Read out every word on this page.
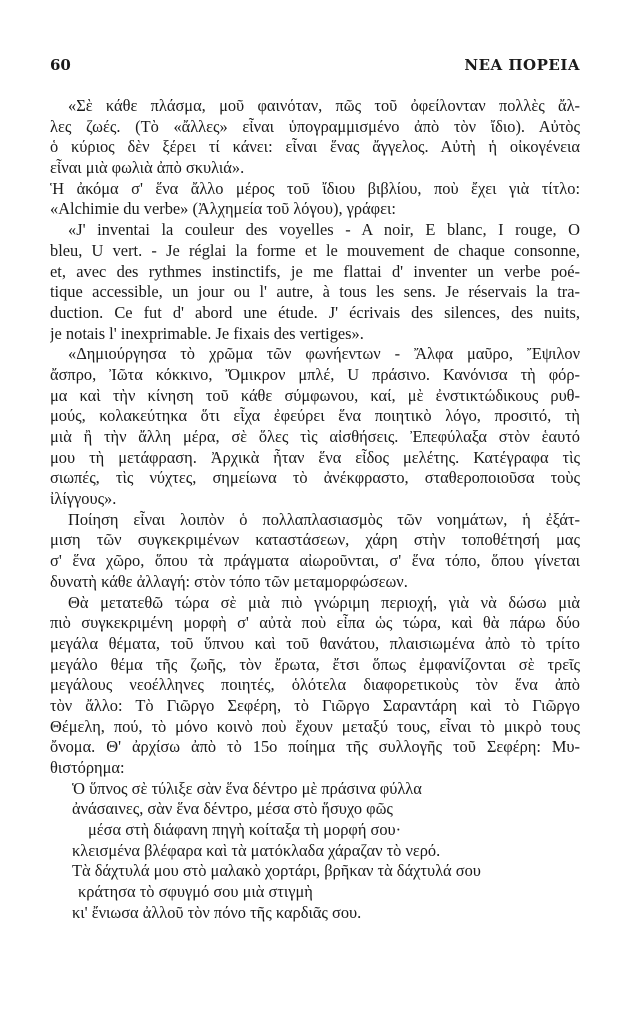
60	ΝΕΑ ΠΟΡΕΙΑ
«Σὲ κάθε πλάσμα, μοῦ φαινόταν, πῶς τοῦ ὀφείλονταν πολλὲς ἄλ-
λες ζωές. (Τὸ «ἄλλες» εἶναι ὑπογραμμισμένο ἀπὸ τὸν ἴδιο). Αὐτὸς
ὁ κύριος δὲν ξέρει τί κάνει: εἶναι ἕνας ἄγγελος. Αὐτὴ ἡ οἰκογένεια
εἶναι μιὰ φωλιὰ ἀπὸ σκυλιά».
Ἡ ἀκόμα σ' ἕνα ἄλλο μέρος τοῦ ἴδιου βιβλίου, ποὺ ἔχει γιὰ τίτλο:
«Alchimie du verbe» (Ἀλχημεία τοῦ λόγου), γράφει:
«J' inventai la couleur des voyelles - A noir, E blanc, I rouge, O
bleu, U vert. - Je réglai la forme et le mouvement de chaque consonne,
et, avec des rythmes instinctifs, je me flattai d' inventer un verbe poé-
tique accessible, un jour ou l' autre, à tous les sens. Je réservais la tra-
duction. Ce fut d' abord une étude. J' écrivais des silences, des nuits,
je notais l' inexprimable. Je fixais des vertiges».
«Δημιούργησα τὸ χρῶμα τῶν φωνήεντων - Ἄλφα μαῦρο, Ἔψιλον
ἄσπρο, Ἰῶτα κόκκινο, Ὄμικρον μπλέ, U πράσινο. Κανόνισα τὴ φόρ-
μα καὶ τὴν κίνηση τοῦ κάθε σύμφωνου, καί, μὲ ἐνστικτώδικους ρυθ-
μούς, κολακεύτηκα ὅτι εἶχα ἐφεύρει ἕνα ποιητικὸ λόγο, προσιτό, τὴ
μιὰ ἢ τὴν ἄλλη μέρα, σὲ ὅλες τὶς αἰσθήσεις. Ἐπεφύλαξα στὸν ἑαυτό
μου τὴ μετάφραση. Ἀρχικὰ ἦταν ἕνα εἶδος μελέτης. Κατέγραφα τὶς
σιωπές, τὶς νύχτες, σημείωνα τὸ ἀνέκφραστο, σταθεροποιοῦσα τοὺς
ἰλίγγους».
Ποίηση εἶναι λοιπὸν ὁ πολλαπλασιασμὸς τῶν νοημάτων, ἡ ἐξάτ-
μιση τῶν συγκεκριμένων καταστάσεων, χάρη στὴν τοποθέτησή μας
σ' ἕνα χῶρο, ὅπου τὰ πράγματα αἰωροῦνται, σ' ἕνα τόπο, ὅπου γίνεται
δυνατὴ κάθε ἀλλαγή: στὸν τόπο τῶν μεταμορφώσεων.
Θὰ μετατεθῶ τώρα σὲ μιὰ πιὸ γνώριμη περιοχή, γιὰ νὰ δώσω μιὰ
πιὸ συγκεκριμένη μορφὴ σ' αὐτὰ ποὺ εἶπα ὡς τώρα, καὶ θὰ πάρω δύο
μεγάλα θέματα, τοῦ ὕπνου καὶ τοῦ θανάτου, πλαισιωμένα ἀπὸ τὸ τρίτο
μεγάλο θέμα τῆς ζωῆς, τὸν ἔρωτα, ἔτσι ὅπως ἐμφανίζονται σὲ τρεῖς
μεγάλους νεοέλληνες ποιητές, ὁλότελα διαφορετικοὺς τὸν ἕνα ἀπὸ
τὸν ἄλλο: Τὸ Γιῶργο Σεφέρη, τὸ Γιῶργο Σαραντάρη καὶ τὸ Γιῶργο
Θέμελη, πού, τὸ μόνο κοινὸ ποὺ ἔχουν μεταξύ τους, εἶναι τὸ μικρὸ τους
ὄνομα. Θ' ἀρχίσω ἀπὸ τὸ 15ο ποίημα τῆς συλλογῆς τοῦ Σεφέρη: Μυ-
θιστόρημα:
Ὁ ὕπνος σὲ τύλιξε σὰν ἕνα δέντρο μὲ πράσινα φύλλα
ἀνάσαινες, σὰν ἕνα δέντρο, μέσα στὸ ἥσυχο φῶς
μέσα στὴ διάφανη πηγὴ κοίταξα τὴ μορφή σου·
κλεισμένα βλέφαρα καὶ τὰ ματόκλαδα χάραζαν τὸ νερό.
Τὰ δάχτυλά μου στὸ μαλακὸ χορτάρι, βρῆκαν τὰ δάχτυλά σου
κράτησα τὸ σφυγμό σου μιὰ στιγμὴ
κι' ἔνιωσα ἀλλοῦ τὸν πόνο τῆς καρδιᾶς σου.
